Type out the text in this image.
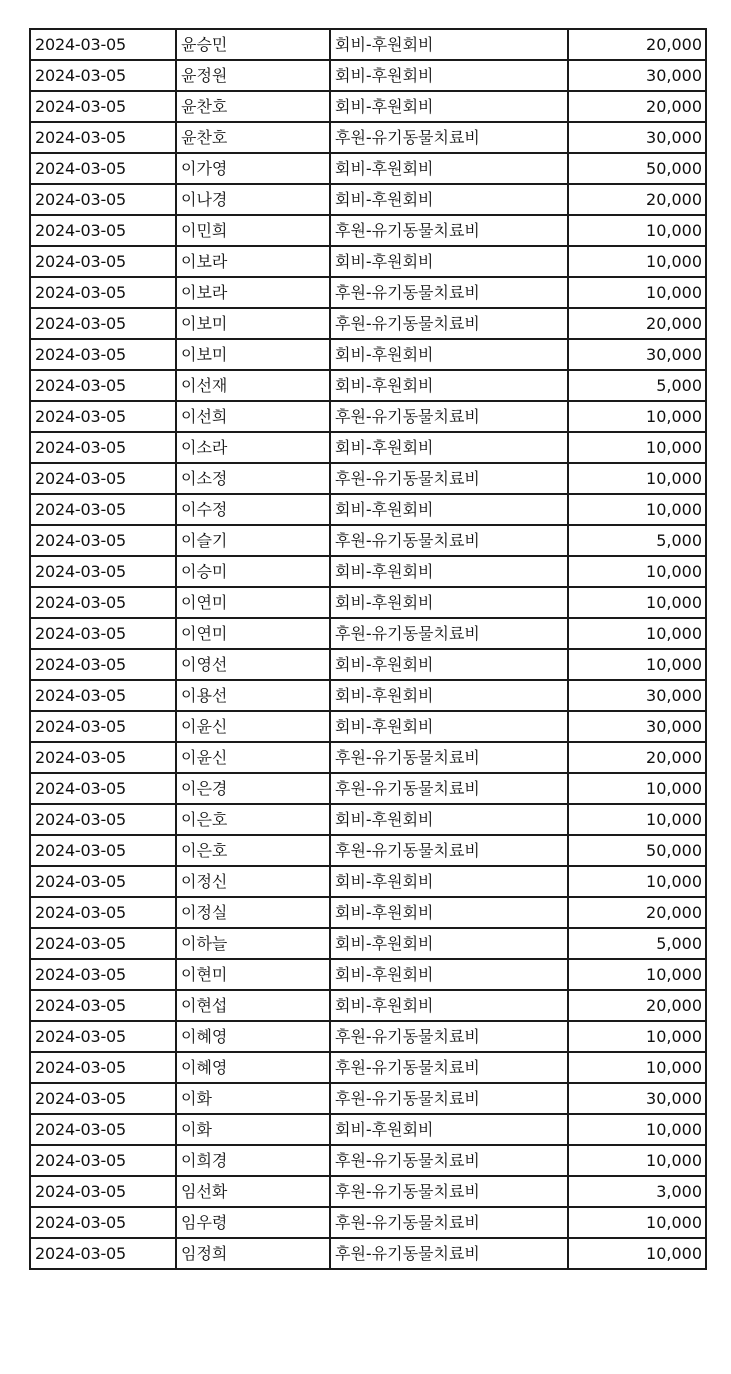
2024-03-05	윤승민	회비-후원회비	20,000
2024-03-05	윤정원	회비-후원회비	30,000
2024-03-05	윤찬호	회비-후원회비	20,000
2024-03-05	윤찬호	후원-유기동물치료비	30,000
2024-03-05	이가영	회비-후원회비	50,000
2024-03-05	이나경	회비-후원회비	20,000
2024-03-05	이민희	후원-유기동물치료비	10,000
2024-03-05	이보라	회비-후원회비	10,000
2024-03-05	이보라	후원-유기동물치료비	10,000
2024-03-05	이보미	후원-유기동물치료비	20,000
2024-03-05	이보미	회비-후원회비	30,000
2024-03-05	이선재	회비-후원회비	5,000
2024-03-05	이선희	후원-유기동물치료비	10,000
2024-03-05	이소라	회비-후원회비	10,000
2024-03-05	이소정	후원-유기동물치료비	10,000
2024-03-05	이수정	회비-후원회비	10,000
2024-03-05	이슬기	후원-유기동물치료비	5,000
2024-03-05	이승미	회비-후원회비	10,000
2024-03-05	이연미	회비-후원회비	10,000
2024-03-05	이연미	후원-유기동물치료비	10,000
2024-03-05	이영선	회비-후원회비	10,000
2024-03-05	이용선	회비-후원회비	30,000
2024-03-05	이윤신	회비-후원회비	30,000
2024-03-05	이윤신	후원-유기동물치료비	20,000
2024-03-05	이은경	후원-유기동물치료비	10,000
2024-03-05	이은호	회비-후원회비	10,000
2024-03-05	이은호	후원-유기동물치료비	50,000
2024-03-05	이정신	회비-후원회비	10,000
2024-03-05	이정실	회비-후원회비	20,000
2024-03-05	이하늘	회비-후원회비	5,000
2024-03-05	이현미	회비-후원회비	10,000
2024-03-05	이현섭	회비-후원회비	20,000
2024-03-05	이혜영	후원-유기동물치료비	10,000
2024-03-05	이혜영	후원-유기동물치료비	10,000
2024-03-05	이화	후원-유기동물치료비	30,000
2024-03-05	이화	회비-후원회비	10,000
2024-03-05	이희경	후원-유기동물치료비	10,000
2024-03-05	임선화	후원-유기동물치료비	3,000
2024-03-05	임우령	후원-유기동물치료비	10,000
2024-03-05	임정희	후원-유기동물치료비	10,000
